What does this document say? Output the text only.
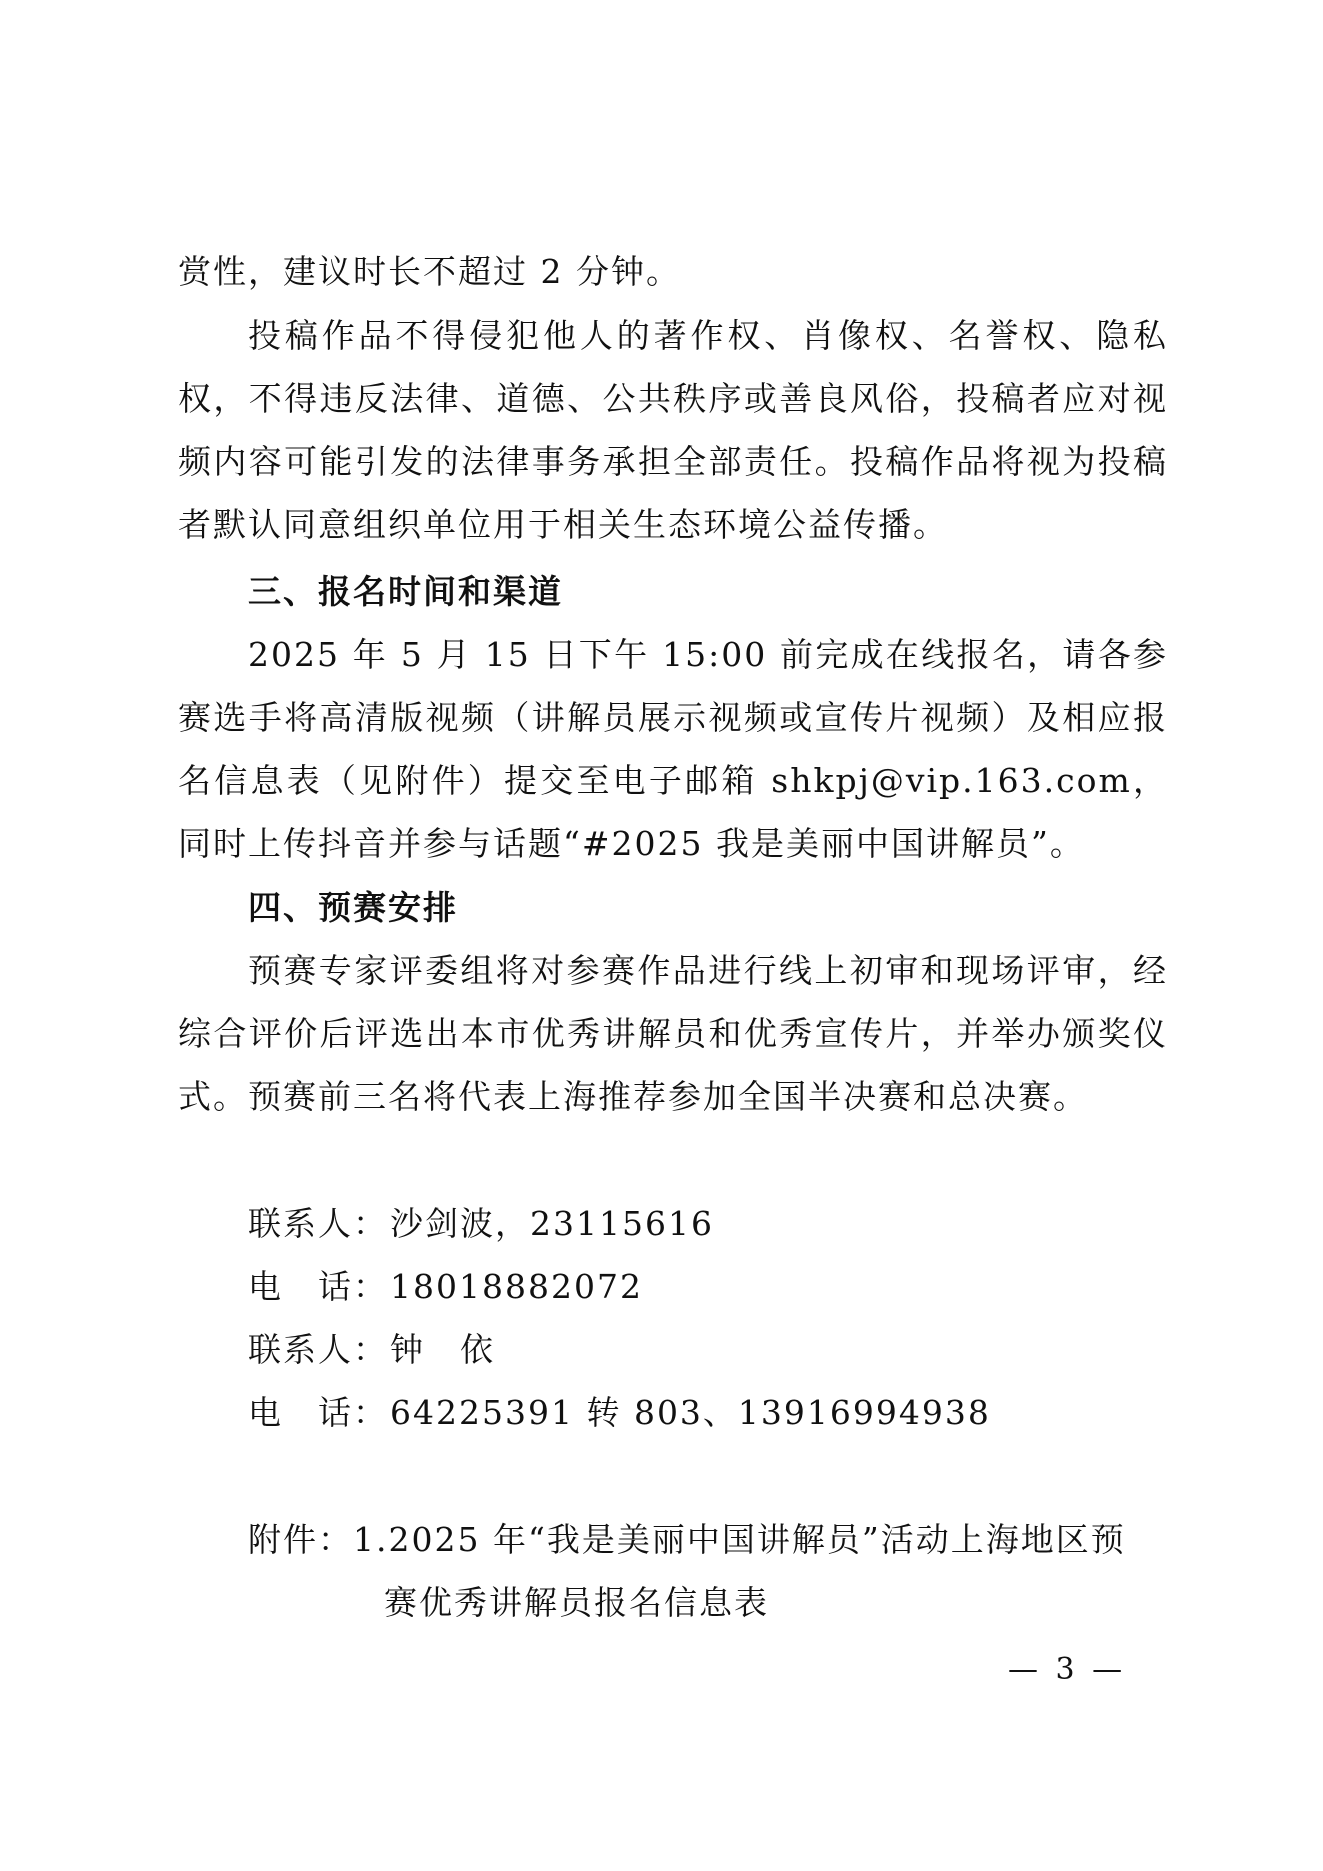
赏性，建议时长不超过 2 分钟。

投稿作品不得侵犯他人的著作权、肖像权、名誉权、隐私权，不得违反法律、道德、公共秩序或善良风俗，投稿者应对视频内容可能引发的法律事务承担全部责任。投稿作品将视为投稿者默认同意组织单位用于相关生态环境公益传播。

三、报名时间和渠道

2025 年 5 月 15 日下午 15:00 前完成在线报名，请各参赛选手将高清版视频（讲解员展示视频或宣传片视频）及相应报名信息表（见附件）提交至电子邮箱 shkpj@vip.163.com，同时上传抖音并参与话题“#2025 我是美丽中国讲解员”。

四、预赛安排

预赛专家评委组将对参赛作品进行线上初审和现场评审，经综合评价后评选出本市优秀讲解员和优秀宣传片，并举办颁奖仪式。预赛前三名将代表上海推荐参加全国半决赛和总决赛。

联系人：沙剑波，23115616

电　话：18018882072

联系人：钟　依

电　话：64225391 转 803、13916994938

附件：1.2025 年“我是美丽中国讲解员”活动上海地区预

赛优秀讲解员报名信息表

— 3 —
